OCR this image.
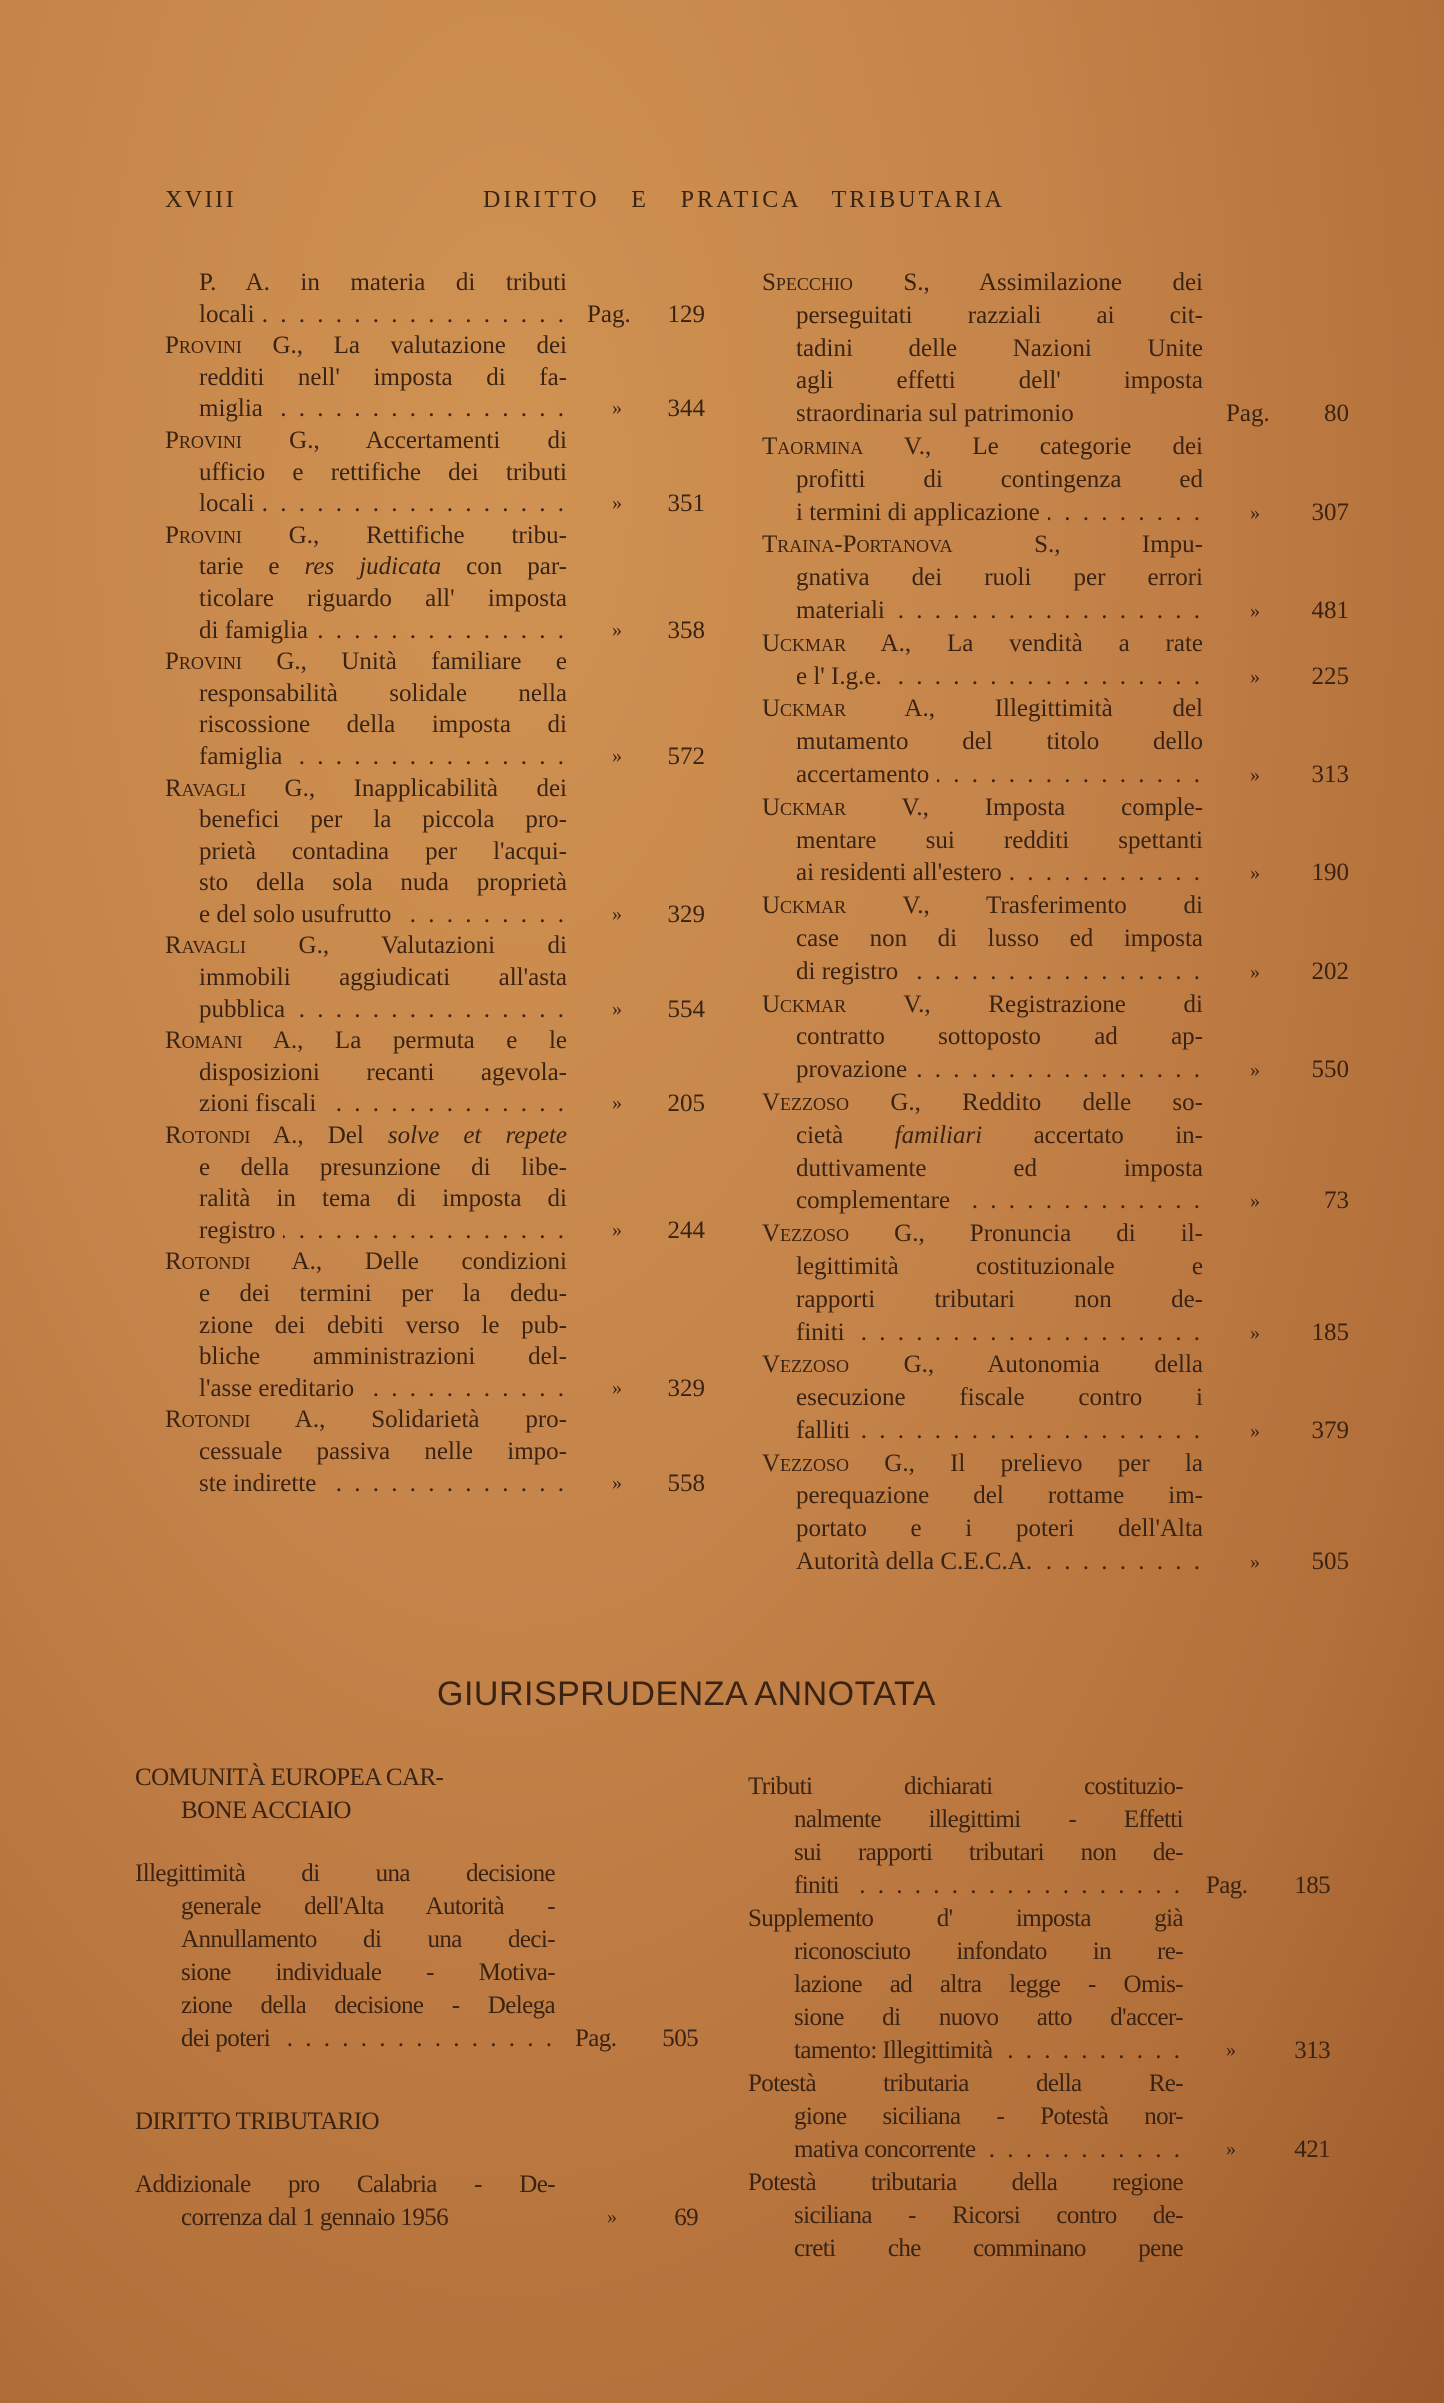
XVIII	DIRITTO E PRATICA TRIBUTARIA
P. A. in materia di tributi
locali . . .	Pag.	129
Provini G., La valutazione dei
redditi nell' imposta di fa-
miglia . . .	»	344
Provini G., Accertamenti di
ufficio e rettifiche dei tributi
locali . . .	»	351
Provini G., Rettifiche tribu-
tarie e res judicata con par-
ticolare riguardo all' imposta
di famiglia . . .	»	358
Provini G., Unità familiare e
responsabilità solidale nella
riscossione della imposta di
famiglia . . .	»	572
Ravagli G., Inapplicabilità dei
benefici per la piccola pro-
prietà contadina per l'acqui-
sto della sola nuda proprietà
e del solo usufrutto . . .	»	329
Ravagli G., Valutazioni di
immobili aggiudicati all'asta
pubblica . . .	»	554
Romani A., La permuta e le
disposizioni recanti agevola-
zioni fiscali . . .	»	205
Rotondi A., Del solve et repete
e della presunzione di libe-
ralità in tema di imposta di
registro . . .	»	244
Rotondi A., Delle condizioni
e dei termini per la dedu-
zione dei debiti verso le pub-
bliche amministrazioni del-
l'asse ereditario . . .	»	329
Rotondi A., Solidarietà pro-
cessuale passiva nelle impo-
ste indirette . . .	»	558
Specchio S., Assimilazione dei
perseguitati razziali ai cit-
tadini delle Nazioni Unite
agli effetti dell' imposta
straordinaria sul patrimonio	Pag.	80
Taormina V., Le categorie dei
profitti di contingenza ed
i termini di applicazione . . .	»	307
Traina-Portanova S., Impu-
gnativa dei ruoli per errori
materiali . . .	»	481
Uckmar A., La vendità a rate
e l' I.g.e. . . .	»	225
Uckmar A., Illegittimità del
mutamento del titolo dello
accertamento . . .	»	313
Uckmar V., Imposta comple-
mentare sui redditi spettanti
ai residenti all'estero . . .	»	190
Uckmar V., Trasferimento di
case non di lusso ed imposta
di registro . . .	»	202
Uckmar V., Registrazione di
contratto sottoposto ad ap-
provazione . . .	»	550
Vezzoso G., Reddito delle so-
cietà familiari accertato in-
duttivamente ed imposta
complementare . . .	»	73
Vezzoso G., Pronuncia di il-
legittimità costituzionale e
rapporti tributari non de-
finiti . . .	»	185
Vezzoso G., Autonomia della
esecuzione fiscale contro i
falliti . . .	»	379
Vezzoso G., Il prelievo per la
perequazione del rottame im-
portato e i poteri dell'Alta
Autorità della C.E.C.A. . . .	»	505
GIURISPRUDENZA ANNOTATA
COMUNITÀ EUROPEA CAR-
BONE ACCIAIO
Illegittimità di una decisione
generale dell'Alta Autorità -
Annullamento di una deci-
sione individuale - Motiva-
zione della decisione - Delega
dei poteri . . .	Pag.	505
DIRITTO TRIBUTARIO
Addizionale pro Calabria - De-
correnza dal 1 gennaio 1956	»	69
Tributi dichiarati costituzio-
nalmente illegittimi - Effetti
sui rapporti tributari non de-
finiti . . .	Pag.	185
Supplemento d' imposta già
riconosciuto infondato in re-
lazione ad altra legge - Omis-
sione di nuovo atto d'accer-
tamento: Illegittimità . . .	»	313
Potestà tributaria della Re-
gione siciliana - Potestà nor-
mativa concorrente . . .	»	421
Potestà tributaria della regione
siciliana - Ricorsi contro de-
creti che comminano pene
